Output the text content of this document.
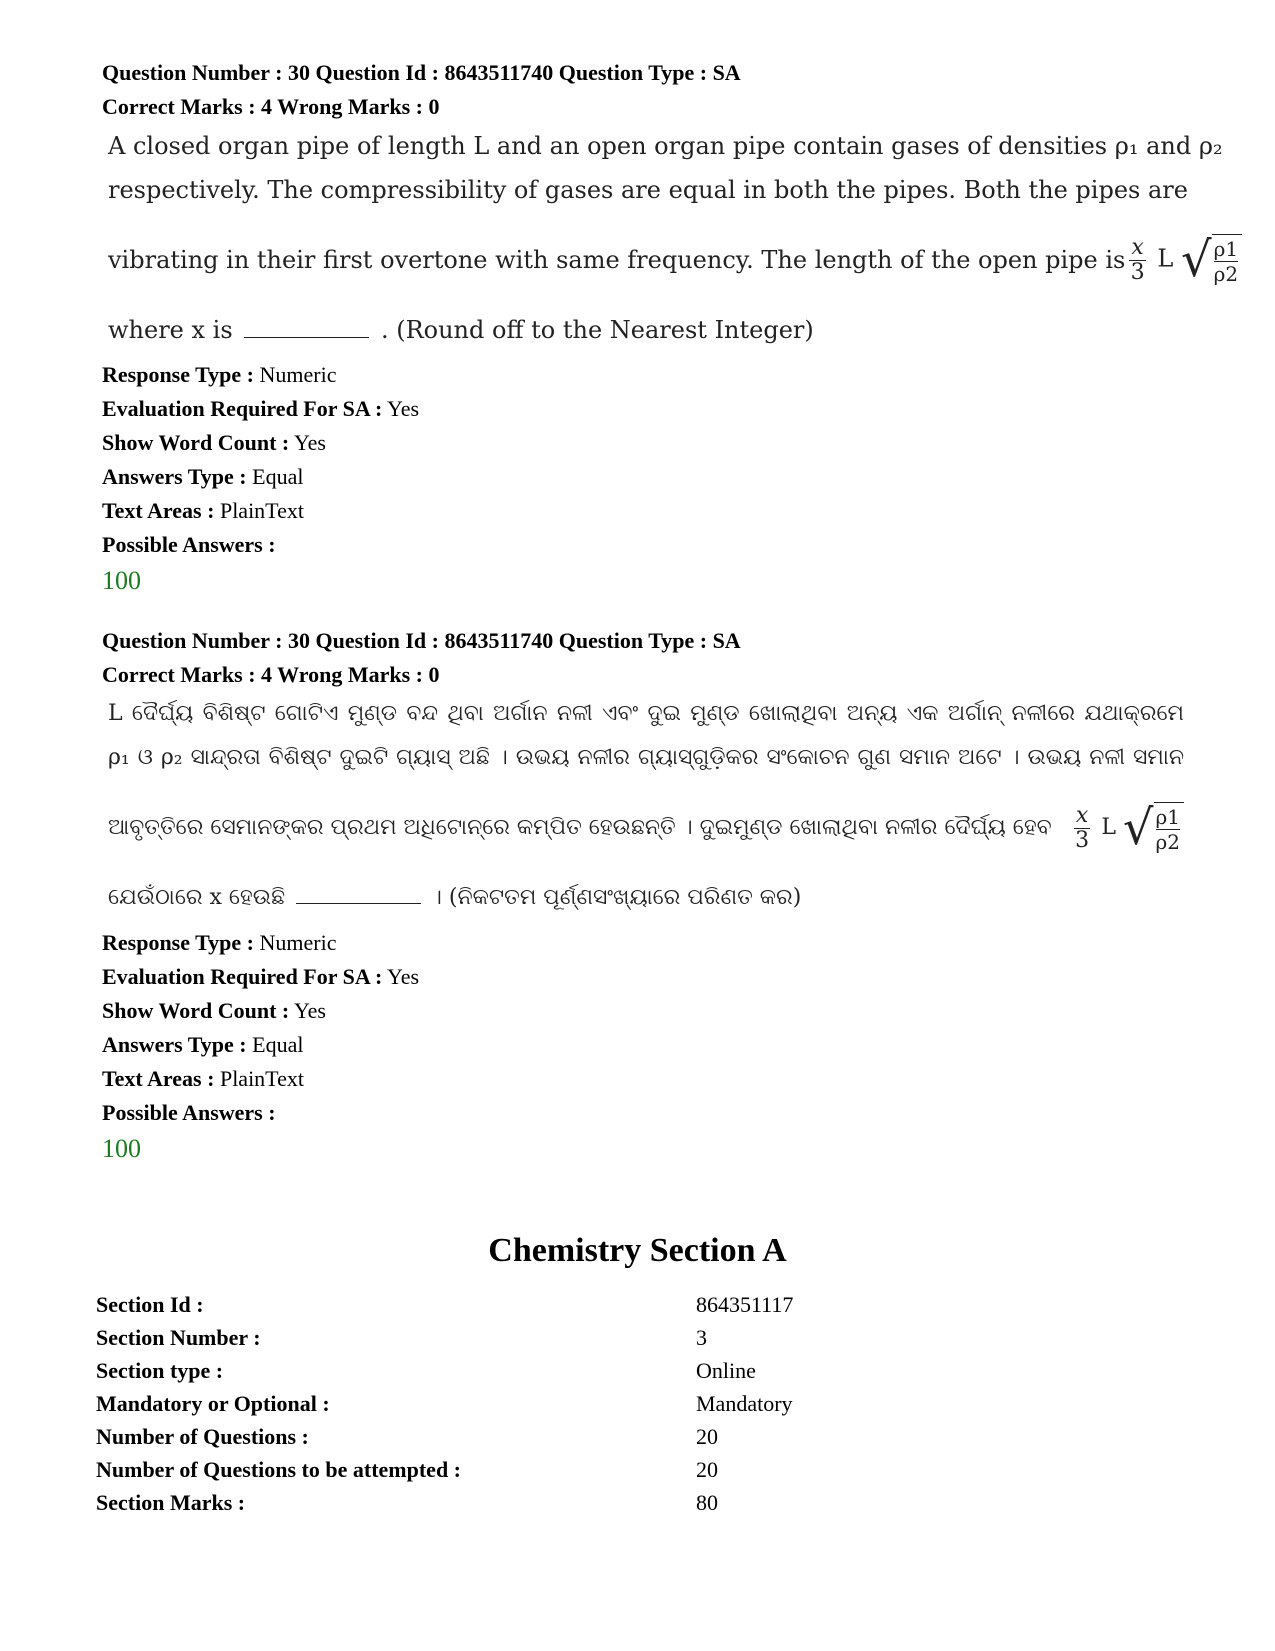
Question Number : 30 Question Id : 8643511740 Question Type : SA
Correct Marks : 4 Wrong Marks : 0
A closed organ pipe of length L and an open organ pipe contain gases of densities ρ₁ and ρ₂
respectively. The compressibility of gases are equal in both the pipes. Both the pipes are
vibrating in their first overtone with same frequency. The length of the open pipe is $\frac{x}{3}$ L √ $\frac{\rho 1}{\rho 2}$
where x is	. (Round off to the Nearest Integer)
Response Type : Numeric
Evaluation Required For SA : Yes
Show Word Count : Yes
Answers Type : Equal
Text Areas : PlainText
Possible Answers :
100
Question Number : 30 Question Id : 8643511740 Question Type : SA
Correct Marks : 4 Wrong Marks : 0
L ଦୈର୍ଘ୍ୟ ବିଶିଷ୍ଟ ଗୋଟିଏ ମୁଣ୍ଡ ବନ୍ଦ ଥିବା ଅର୍ଗାନ ନଳୀ ଏବଂ ଦୁଇ ମୁଣ୍ଡ ଖୋଲାଥିବା ଅନ୍ୟ ଏକ ଅର୍ଗାନ୍ ନଳୀରେ ଯଥାକ୍ରମେ
ρ₁ ଓ ρ₂ ସାନ୍ଦ୍ରତା ବିଶିଷ୍ଟ ଦୁଇଟି ଗ୍ୟାସ୍ ଅଛି । ଉଭୟ ନଳୀର ଗ୍ୟାସ୍‌ଗୁଡ଼ିକର ସଂକୋଚନ ଗୁଣ ସମାନ ଅଟେ । ଉଭୟ ନଳୀ ସମାନ
ଆବୃତ୍ତିରେ ସେମାନଙ୍କର ପ୍ରଥମ ଅଧିଟୋନ୍‌ରେ କମ୍ପିତ ହେଉଛନ୍ତି । ଦୁଇମୁଣ୍ଡ ଖୋଲାଥିବା ନଳୀର ଦୈର୍ଘ୍ୟ ହେବ $\frac{x}{3}$ L √ $\frac{\rho 1}{\rho 2}$
ଯେଉଁଠାରେ x ହେଉଛି	। (ନିକଟତମ ପୂର୍ଣ୍ଣସଂଖ୍ୟାରେ ପରିଣତ କର)
Response Type : Numeric
Evaluation Required For SA : Yes
Show Word Count : Yes
Answers Type : Equal
Text Areas : PlainText
Possible Answers :
100
Chemistry Section A
Section Id :	864351117
Section Number :	3
Section type :	Online
Mandatory or Optional :	Mandatory
Number of Questions :	20
Number of Questions to be attempted :	20
Section Marks :	80
